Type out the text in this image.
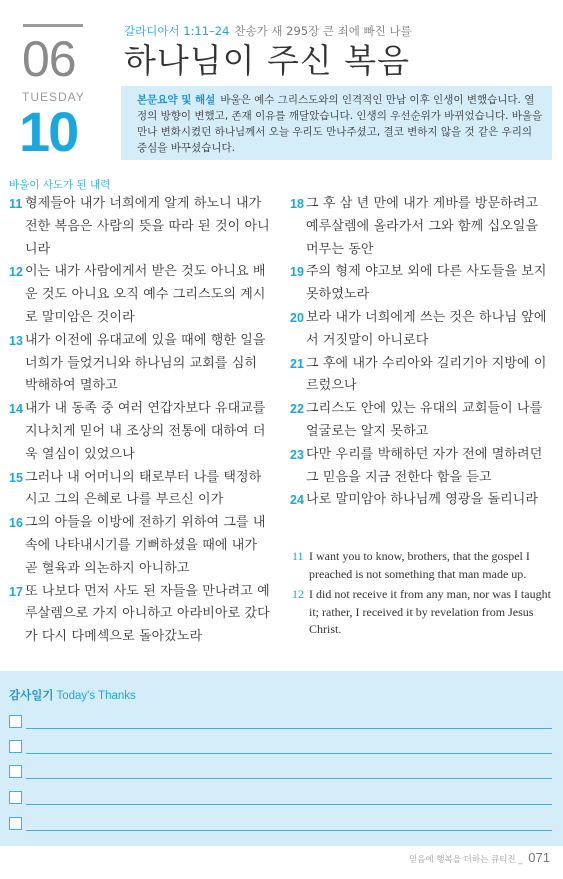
06
TUESDAY
10
갈라디아서 1:11–24 찬송가 새 295장 큰 죄에 빠진 나를
하나님이 주신 복음
본문요약 및 해설 바울은 예수 그리스도와의 인격적인 만남 이후 인생이 변했습니다. 열정의 방향이 변했고, 존재 이유를 깨달았습니다. 인생의 우선순위가 바뀌었습니다. 바울을 만나 변화시켰던 하나님께서 오늘 우리도 만나주셨고, 결코 변하지 않을 것 같은 우리의 중심을 바꾸셨습니다.
바울이 사도가 된 내력
11 형제들아 내가 너희에게 알게 하노니 내가 전한 복음은 사람의 뜻을 따라 된 것이 아니니라
12 이는 내가 사람에게서 받은 것도 아니요 배운 것도 아니요 오직 예수 그리스도의 계시로 말미암은 것이라
13 내가 이전에 유대교에 있을 때에 행한 일을 너희가 들었거니와 하나님의 교회를 심히 박해하여 멸하고
14 내가 내 동족 중 여러 연갑자보다 유대교를 지나치게 믿어 내 조상의 전통에 대하여 더욱 열심이 있었으나
15 그러나 내 어머니의 태로부터 나를 택정하시고 그의 은혜로 나를 부르신 이가
16 그의 아들을 이방에 전하기 위하여 그를 내 속에 나타내시기를 기뻐하셨을 때에 내가 곧 혈육과 의논하지 아니하고
17 또 나보다 먼저 사도 된 자들을 만나려고 예루살렘으로 가지 아니하고 아라비아로 갔다가 다시 다메섹으로 돌아갔노라
18 그 후 삼 년 만에 내가 게바를 방문하려고 예루살렘에 올라가서 그와 함께 십오일을 머무는 동안
19 주의 형제 야고보 외에 다른 사도들을 보지 못하였노라
20 보라 내가 너희에게 쓰는 것은 하나님 앞에서 거짓말이 아니로다
21 그 후에 내가 수리아와 길리기아 지방에 이르렀으나
22 그리스도 안에 있는 유대의 교회들이 나를 얼굴로는 알지 못하고
23 다만 우리를 박해하던 자가 전에 멸하려던 그 믿음을 지금 전한다 함을 듣고
24 나로 말미암아 하나님께 영광을 돌리니라
11 I want you to know, brothers, that the gospel I preached is not something that man made up.
12 I did not receive it from any man, nor was I taught it; rather, I received it by revelation from Jesus Christ.
감사일기 Today's Thanks
믿음에 행복을 더하는 큐티진 _ 071
